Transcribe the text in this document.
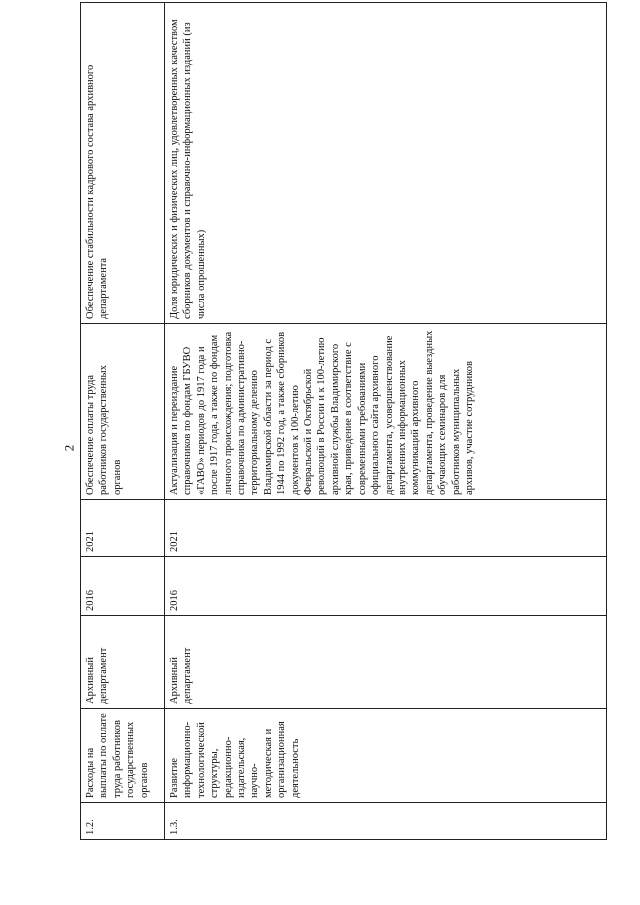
2
1.2.	Расходы на выплаты по оплате труда работников государственных органов	Архивный департамент	2016	2021	Обеспечение оплаты труда работников государственных органов	Обеспечение стабильности кадрового состава архивного департамента
1.3.	Развитие информационно-технологической структуры, редакционно-издательская, научно-методическая и организационная деятельность	Архивный департамент	2016	2021	Актуализация и переиздание справочников по фондам ГБУВО «ГАВО» периодов до 1917 года и после 1917 года, а также по фондам личного происхождения; подготовка справочника по административно-территориальному делению Владимирской области за период с 1944 по 1992 год, а также сборников документов к 100-летию Февральской и Октябрьской революций в России и к 100-летию архивной службы Владимирского края, приведение в соответствие с современными требованиями официального сайта архивного департамента, усовершенствование внутренних информационных коммуникаций архивного департамента, проведение выездных обучающих семинаров для работников муниципальных архивов, участие сотрудников	Доля юридических и физических лиц, удовлетворенных качеством сборников документов и справочно-информационных изданий (из числа опрошенных)
